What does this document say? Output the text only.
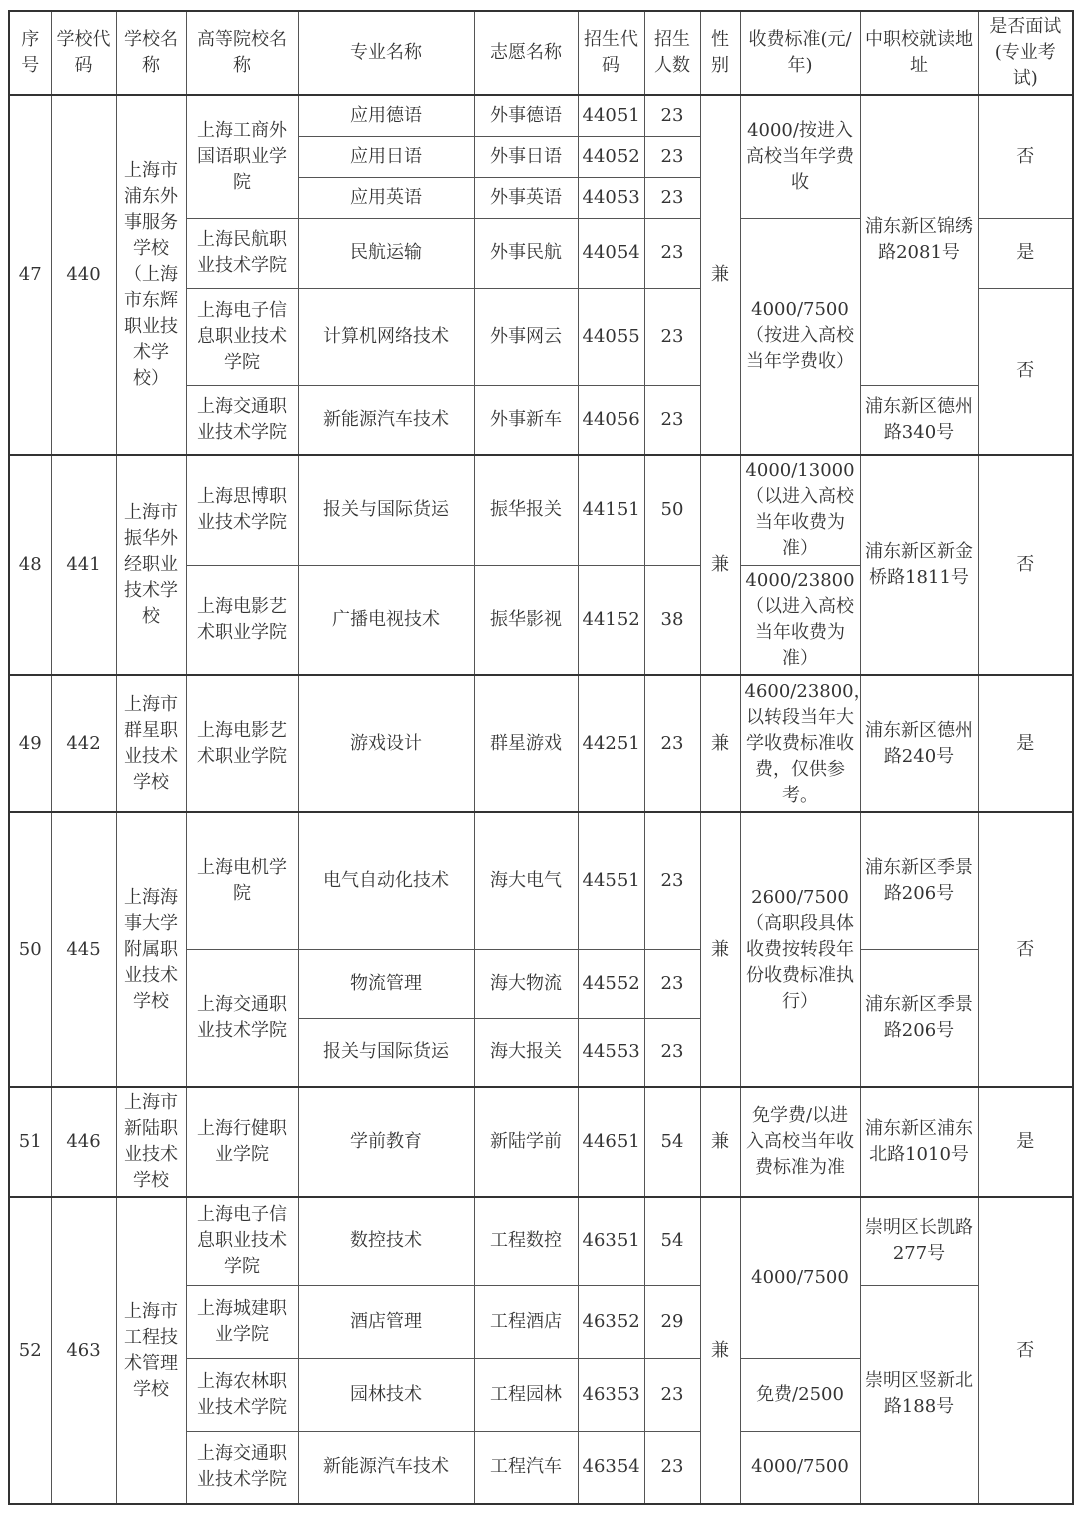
序号	学校代码	学校名称	高等院校名称	专业名称	志愿名称	招生代码	招生人数	性别	收费标准(元/年)	中职校就读地址	是否面试(专业考试)
47	440	上海市浦东外事服务学校（上海市东辉职业技术学校）	上海工商外国语职业学院	应用德语	外事德语	44051	23	兼	4000/按进入高校当年学费收	浦东新区锦绣路2081号	否
				应用日语	外事日语	44052	23				
				应用英语	外事英语	44053	23				
			上海民航职业技术学院	民航运输	外事民航	44054	23		4000/7500（按进入高校当年学费收）		是
			上海电子信息职业技术学院	计算机网络技术	外事网云	44055	23				否
			上海交通职业技术学院	新能源汽车技术	外事新车	44056	23			浦东新区德州路340号	
48	441	上海市振华外经职业技术学校	上海思博职业技术学院	报关与国际货运	振华报关	44151	50	兼	4000/13000（以进入高校当年收费为准）	浦东新区新金桥路1811号	否
			上海电影艺术职业学院	广播电视技术	振华影视	44152	38		4000/23800（以进入高校当年收费为准）		
49	442	上海市群星职业技术学校	上海电影艺术职业学院	游戏设计	群星游戏	44251	23	兼	4600/23800，以转段当年大学收费标准收费，仅供参考。	浦东新区德州路240号	是
50	445	上海海事大学附属职业技术学校	上海电机学院	电气自动化技术	海大电气	44551	23	兼	2600/7500（高职段具体收费按转段年份收费标准执行）	浦东新区季景路206号	否
			上海交通职业技术学院	物流管理	海大物流	44552	23			浦东新区季景路206号	
				报关与国际货运	海大报关	44553	23				
51	446	上海市新陆职业技术学校	上海行健职业学院	学前教育	新陆学前	44651	54	兼	免学费/以进入高校当年收费标准为准	浦东新区浦东北路1010号	是
52	463	上海市工程技术管理学校	上海电子信息职业技术学院	数控技术	工程数控	46351	54	兼	4000/7500	崇明区长凯路277号	否
			上海城建职业学院	酒店管理	工程酒店	46352	29			崇明区竖新北路188号	
			上海农林职业技术学院	园林技术	工程园林	46353	23		免费/2500		
			上海交通职业技术学院	新能源汽车技术	工程汽车	46354	23		4000/7500		
